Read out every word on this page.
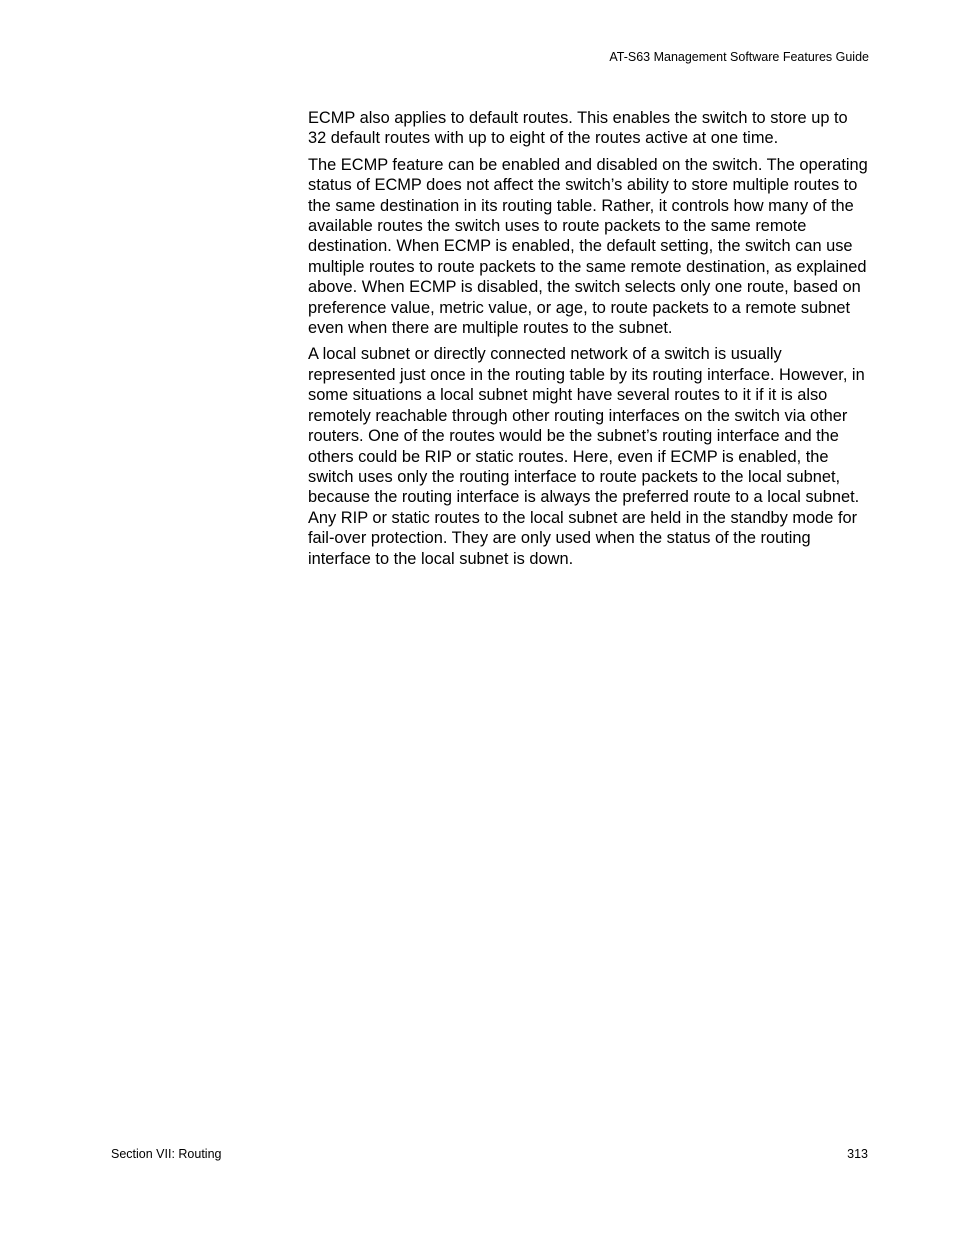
AT-S63 Management Software Features Guide

ECMP also applies to default routes. This enables the switch to store up to 32 default routes with up to eight of the routes active at one time.

The ECMP feature can be enabled and disabled on the switch. The operating status of ECMP does not affect the switch’s ability to store multiple routes to the same destination in its routing table. Rather, it controls how many of the available routes the switch uses to route packets to the same remote destination. When ECMP is enabled, the default setting, the switch can use multiple routes to route packets to the same remote destination, as explained above. When ECMP is disabled, the switch selects only one route, based on preference value, metric value, or age, to route packets to a remote subnet even when there are multiple routes to the subnet.

A local subnet or directly connected network of a switch is usually represented just once in the routing table by its routing interface. However, in some situations a local subnet might have several routes to it if it is also remotely reachable through other routing interfaces on the switch via other routers. One of the routes would be the subnet’s routing interface and the others could be RIP or static routes. Here, even if ECMP is enabled, the switch uses only the routing interface to route packets to the local subnet, because the routing interface is always the preferred route to a local subnet. Any RIP or static routes to the local subnet are held in the standby mode for fail-over protection. They are only used when the status of the routing interface to the local subnet is down.

Section VII: Routing	313
